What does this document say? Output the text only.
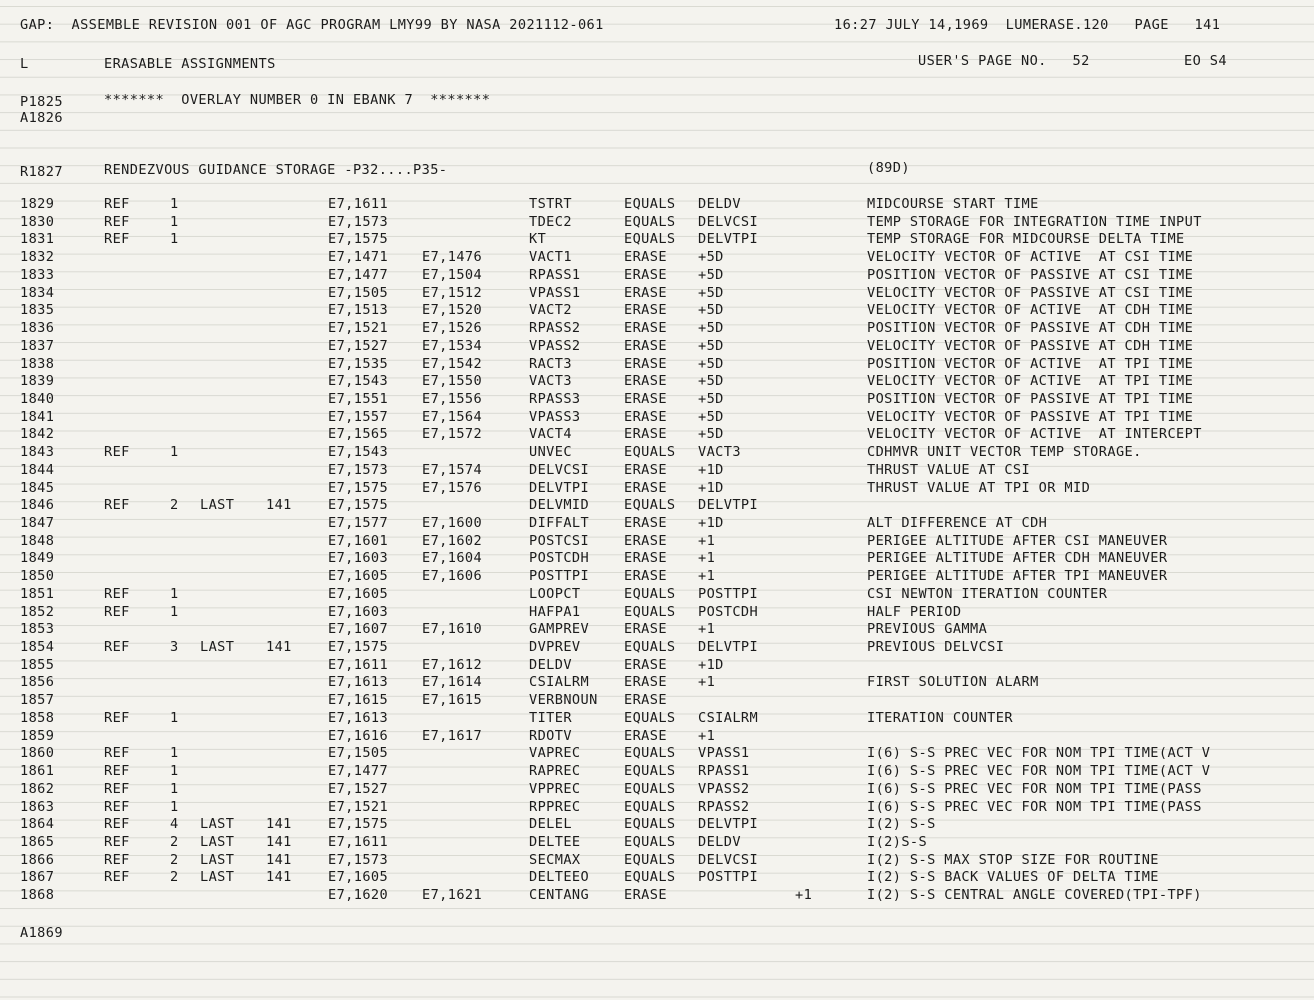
GAP:  ASSEMBLE REVISION 001 OF AGC PROGRAM LMY99 BY NASA 2021112-061	16:27 JULY 14,1969  LUMERASE.120   PAGE   141
L	ERASABLE ASSIGNMENTS	USER'S PAGE NO.   52	EO S4
P1825	*******  OVERLAY NUMBER 0 IN EBANK 7  *******
A1826
R1827	RENDEZVOUS GUIDANCE STORAGE -P32....P35-	(89D)
1829	REF	1	E7,1611	TSTRT	EQUALS DELDV	MIDCOURSE START TIME
1830	REF	1	E7,1573	TDEC2	EQUALS DELVCSI	TEMP STORAGE FOR INTEGRATION TIME INPUT
1831	REF	1	E7,1575	KT	EQUALS DELVTPI	TEMP STORAGE FOR MIDCOURSE DELTA TIME
1832	E7,1471 E7,1476	VACT1	ERASE +5D	VELOCITY VECTOR OF ACTIVE  AT CSI TIME
1833	E7,1477 E7,1504	RPASS1	ERASE +5D	POSITION VECTOR OF PASSIVE AT CSI TIME
1834	E7,1505 E7,1512	VPASS1	ERASE +5D	VELOCITY VECTOR OF PASSIVE AT CSI TIME
1835	E7,1513 E7,1520	VACT2	ERASE +5D	VELOCITY VECTOR OF ACTIVE  AT CDH TIME
1836	E7,1521 E7,1526	RPASS2	ERASE +5D	POSITION VECTOR OF PASSIVE AT CDH TIME
1837	E7,1527 E7,1534	VPASS2	ERASE +5D	VELOCITY VECTOR OF PASSIVE AT CDH TIME
1838	E7,1535 E7,1542	RACT3	ERASE +5D	POSITION VECTOR OF ACTIVE  AT TPI TIME
1839	E7,1543 E7,1550	VACT3	ERASE +5D	VELOCITY VECTOR OF ACTIVE  AT TPI TIME
1840	E7,1551 E7,1556	RPASS3	ERASE +5D	POSITION VECTOR OF PASSIVE AT TPI TIME
1841	E7,1557 E7,1564	VPASS3	ERASE +5D	VELOCITY VECTOR OF PASSIVE AT TPI TIME
1842	E7,1565 E7,1572	VACT4	ERASE +5D	VELOCITY VECTOR OF ACTIVE  AT INTERCEPT
1843	REF	1	E7,1543	UNVEC	EQUALS VACT3	CDHMVR UNIT VECTOR TEMP STORAGE.
1844	E7,1573 E7,1574	DELVCSI	ERASE +1D	THRUST VALUE AT CSI
1845	E7,1575 E7,1576	DELVTPI	ERASE +1D	THRUST VALUE AT TPI OR MID
1846	REF	2 LAST 141	E7,1575	DELVMID	EQUALS DELVTPI
1847	E7,1577 E7,1600	DIFFALT	ERASE +1D	ALT DIFFERENCE AT CDH
1848	E7,1601 E7,1602	POSTCSI	ERASE +1	PERIGEE ALTITUDE AFTER CSI MANEUVER
1849	E7,1603 E7,1604	POSTCDH	ERASE +1	PERIGEE ALTITUDE AFTER CDH MANEUVER
1850	E7,1605 E7,1606	POSTTPI	ERASE +1	PERIGEE ALTITUDE AFTER TPI MANEUVER
1851	REF	1	E7,1605	LOOPCT	EQUALS POSTTPI	CSI NEWTON ITERATION COUNTER
1852	REF	1	E7,1603	HAFPA1	EQUALS POSTCDH	HALF PERIOD
1853	E7,1607 E7,1610	GAMPREV	ERASE +1	PREVIOUS GAMMA
1854	REF	3 LAST 141	E7,1575	DVPREV	EQUALS DELVTPI	PREVIOUS DELVCSI
1855	E7,1611 E7,1612	DELDV	ERASE +1D
1856	E7,1613 E7,1614	CSIALRM	ERASE +1	FIRST SOLUTION ALARM
1857	E7,1615 E7,1615	VERBNOUN ERASE
1858	REF	1	E7,1613	TITER	EQUALS CSIALRM	ITERATION COUNTER
1859	E7,1616 E7,1617	RDOTV	ERASE +1
1860	REF	1	E7,1505	VAPREC	EQUALS VPASS1	I(6) S-S PREC VEC FOR NOM TPI TIME(ACT V
1861	REF	1	E7,1477	RAPREC	EQUALS RPASS1	I(6) S-S PREC VEC FOR NOM TPI TIME(ACT V
1862	REF	1	E7,1527	VPPREC	EQUALS VPASS2	I(6) S-S PREC VEC FOR NOM TPI TIME(PASS
1863	REF	1	E7,1521	RPPREC	EQUALS RPASS2	I(6) S-S PREC VEC FOR NOM TPI TIME(PASS
1864	REF	4 LAST 141	E7,1575	DELEL	EQUALS DELVTPI	I(2) S-S
1865	REF	2 LAST 141	E7,1611	DELTEE	EQUALS DELDV	I(2)S-S
1866	REF	2 LAST 141	E7,1573	SECMAX	EQUALS DELVCSI	I(2) S-S MAX STOP SIZE FOR ROUTINE
1867	REF	2 LAST 141	E7,1605	DELTEEO	EQUALS POSTTPI	I(2) S-S BACK VALUES OF DELTA TIME
1868	E7,1620 E7,1621	CENTANG	ERASE	+1	I(2) S-S CENTRAL ANGLE COVERED(TPI-TPF)
A1869
